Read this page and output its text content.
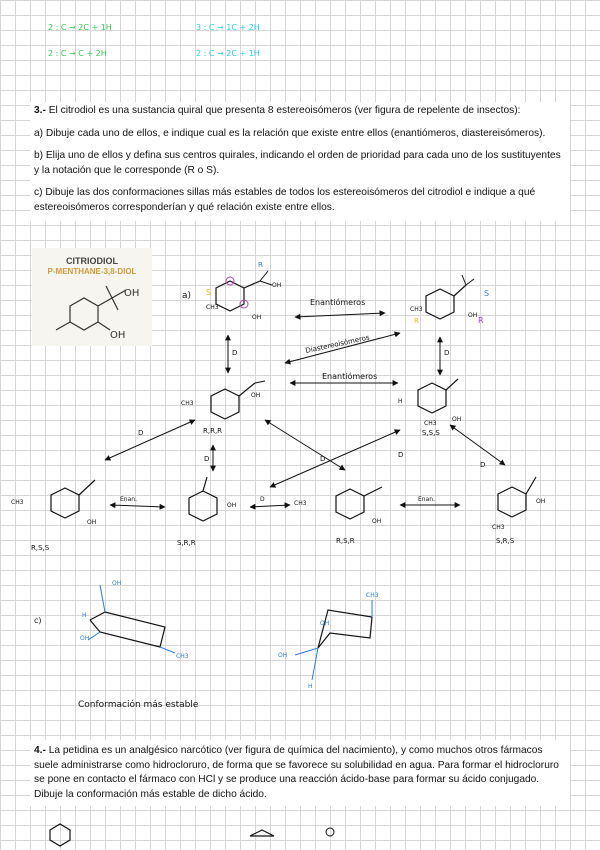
2 : C → 2C + 1H	3 : C → 1C + 2H
2 : C → C + 2H	2 : C → 2C + 1H

3.- El citrodiol es una sustancia quiral que presenta 8 estereoisómeros (ver figura de repelente de insectos):

a) Dibuje cada uno de ellos, e indique cual es la relación que existe entre ellos (enantiómeros, diastereisómeros).

b) Elija uno de ellos y defina sus centros quirales, indicando el orden de prioridad para cada uno de los sustituyentes y la notación que le corresponde (R o S).

c) Dibuje las dos conformaciones sillas más estables de todos los estereoisómeros del citrodiol e indique a qué estereoisómeros corresponderían y qué relación existe entre ellos.

CITRIODIOL
P-MENTHANE-3,8-DIOL
OH
OH
a)
R
S
CH3
OH
OH
CH3
OH
S
R	R
Enantiómeros
Diastereoisómeros
Enantiómeros
D	D
CH3
OH
R,R,R
H
CH3
OH
S,S,S
D
D	D	D
D
CH3
OH
R,S,S
Enan.
OH
S,R,R
D
CH3
OH
R,S,R
Enan.	OH
CH3
S,R,S
c)
H
OH
CH3
OH
CH3
OH
OH
H
Conformación más estable

4.- La petidina es un analgésico narcótico (ver figura de química del nacimiento), y como muchos otros fármacos suele administrarse como hidrocloruro, de forma que se favorece su solubilidad en agua. Para formar el hidrocloruro se pone en contacto el fármaco con HCl y se produce una reacción ácido-base para formar su ácido conjugado. Dibuje la conformación más estable de dicho ácido.
